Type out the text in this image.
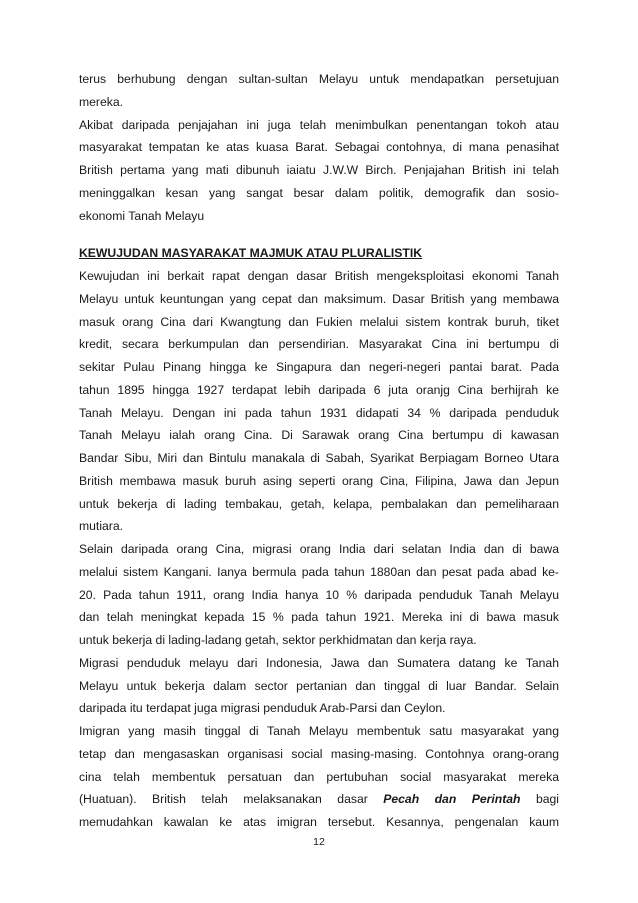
terus berhubung dengan sultan-sultan Melayu untuk mendapatkan persetujuan
mereka.
Akibat daripada penjajahan ini juga telah menimbulkan penentangan tokoh atau
masyarakat tempatan ke atas kuasa Barat. Sebagai contohnya, di mana penasihat
British pertama yang mati dibunuh iaiatu J.W.W Birch. Penjajahan British ini telah
meninggalkan kesan yang sangat besar dalam politik, demografik dan sosio-
ekonomi Tanah Melayu
KEWUJUDAN MASYARAKAT MAJMUK ATAU PLURALISTIK
Kewujudan ini berkait rapat dengan dasar British mengeksploitasi ekonomi Tanah
Melayu untuk keuntungan yang cepat dan maksimum. Dasar British yang membawa
masuk orang Cina dari Kwangtung dan Fukien melalui sistem kontrak buruh, tiket
kredit, secara berkumpulan dan persendirian. Masyarakat Cina ini bertumpu di
sekitar Pulau Pinang hingga ke Singapura dan negeri-negeri pantai barat. Pada
tahun 1895 hingga 1927 terdapat lebih daripada 6 juta oranjg Cina berhijrah ke
Tanah Melayu. Dengan ini pada tahun 1931 didapati 34 % daripada penduduk
Tanah Melayu ialah orang Cina. Di Sarawak orang Cina bertumpu di kawasan
Bandar Sibu, Miri dan Bintulu manakala di Sabah, Syarikat Berpiagam Borneo Utara
British membawa masuk buruh asing seperti orang Cina, Filipina, Jawa dan Jepun
untuk bekerja di lading tembakau, getah, kelapa, pembalakan dan pemeliharaan
mutiara.
Selain daripada orang Cina, migrasi orang India dari selatan India dan di bawa
melalui sistem Kangani. Ianya bermula pada tahun 1880an dan pesat pada abad ke-
20. Pada tahun 1911, orang India hanya 10 % daripada penduduk Tanah Melayu
dan telah meningkat kepada 15 % pada tahun 1921. Mereka ini di bawa masuk
untuk bekerja di lading-ladang getah, sektor perkhidmatan dan kerja raya.
Migrasi penduduk melayu dari Indonesia, Jawa dan Sumatera datang ke Tanah
Melayu untuk bekerja dalam sector pertanian dan tinggal di luar Bandar. Selain
daripada itu terdapat juga migrasi penduduk Arab-Parsi dan Ceylon.
Imigran yang masih tinggal di Tanah Melayu membentuk satu masyarakat yang
tetap dan mengasaskan organisasi social masing-masing. Contohnya orang-orang
cina telah membentuk persatuan dan pertubuhan social masyarakat mereka
(Huatuan). British telah melaksanakan dasar Pecah dan Perintah bagi
memudahkan kawalan ke atas imigran tersebut. Kesannya, pengenalan kaum
12
